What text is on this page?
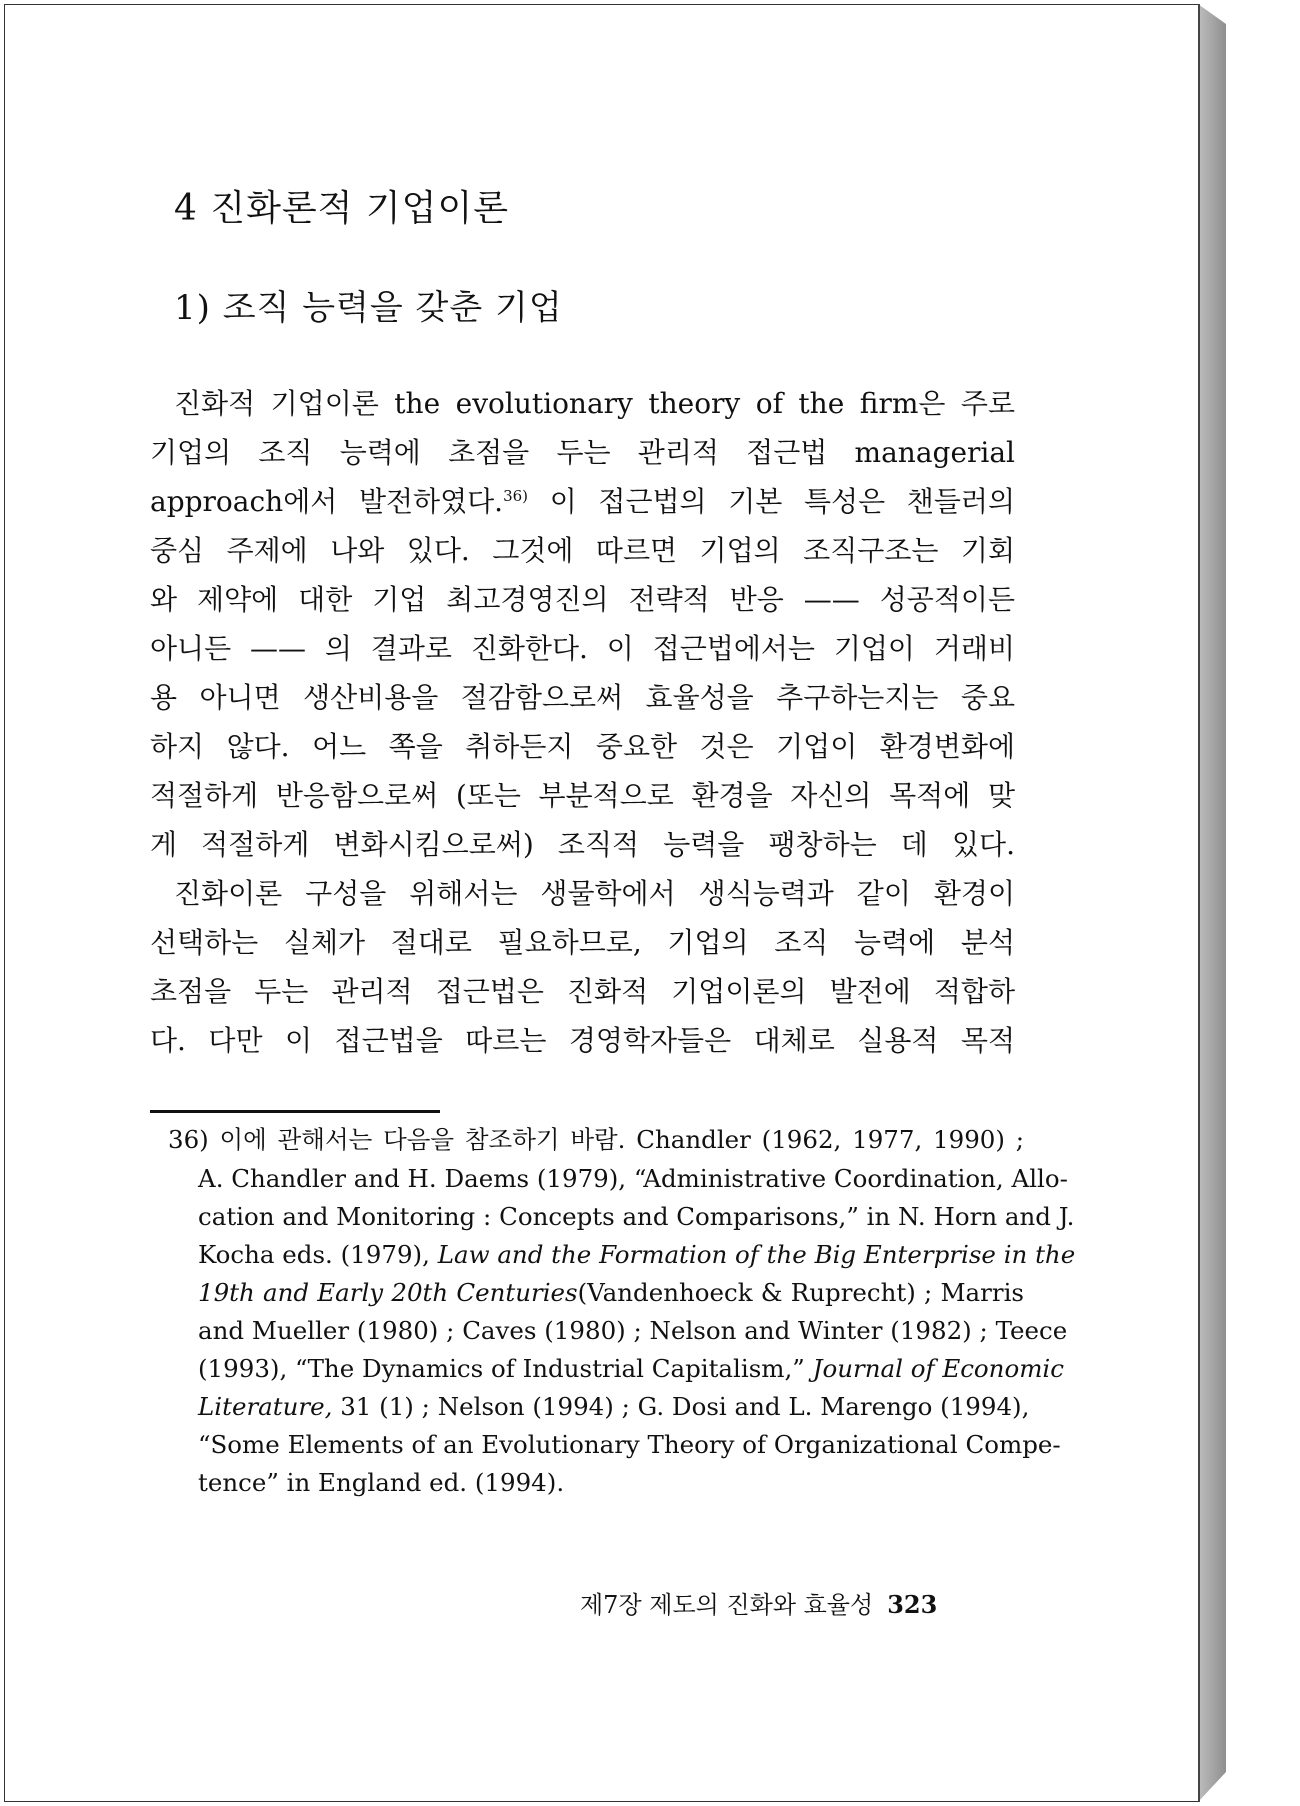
4 진화론적 기업이론
1) 조직 능력을 갖춘 기업
진화적 기업이론 the evolutionary theory of the firm은 주로
기업의 조직 능력에 초점을 두는 관리적 접근법 managerial
approach에서 발전하였다.$^{36)}$ 이 접근법의 기본 특성은 챈들러의
중심 주제에 나와 있다. 그것에 따르면 기업의 조직구조는 기회
와 제약에 대한 기업 최고경영진의 전략적 반응 —— 성공적이든
아니든 —— 의 결과로 진화한다. 이 접근법에서는 기업이 거래비
용 아니면 생산비용을 절감함으로써 효율성을 추구하는지는 중요
하지 않다. 어느 쪽을 취하든지 중요한 것은 기업이 환경변화에
적절하게 반응함으로써 (또는 부분적으로 환경을 자신의 목적에 맞
게 적절하게 변화시킴으로써) 조직적 능력을 팽창하는 데 있다.
진화이론 구성을 위해서는 생물학에서 생식능력과 같이 환경이
선택하는 실체가 절대로 필요하므로, 기업의 조직 능력에 분석
초점을 두는 관리적 접근법은 진화적 기업이론의 발전에 적합하
다. 다만 이 접근법을 따르는 경영학자들은 대체로 실용적 목적
36) 이에 관해서는 다음을 참조하기 바람. Chandler (1962, 1977, 1990) ;
A. Chandler and H. Daems (1979), “Administrative Coordination, Allo-
cation and Monitoring : Concepts and Comparisons,” in N. Horn and J.
Kocha eds. (1979), Law and the Formation of the Big Enterprise in the
19th and Early 20th Centuries(Vandenhoeck & Ruprecht) ; Marris
and Mueller (1980) ; Caves (1980) ; Nelson and Winter (1982) ; Teece
(1993), “The Dynamics of Industrial Capitalism,” Journal of Economic
Literature, 31 (1) ; Nelson (1994) ; G. Dosi and L. Marengo (1994),
“Some Elements of an Evolutionary Theory of Organizational Compe-
tence” in England ed. (1994).
제7장 제도의 진화와 효율성 323
